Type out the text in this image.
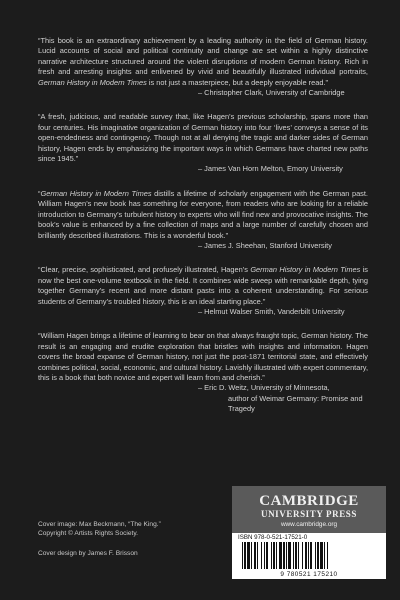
“This book is an extraordinary achievement by a leading authority in the field of German history. Lucid accounts of social and political continuity and change are set within a highly distinctive narrative architecture structured around the violent disruptions of modern German history. Rich in fresh and arresting insights and enlivened by vivid and beautifully illustrated individual portraits, German History in Modern Times is not just a masterpiece, but a deeply enjoyable read.”

– Christopher Clark, University of Cambridge

“A fresh, judicious, and readable survey that, like Hagen’s previous scholarship, spans more than four centuries. His imaginative organization of German history into four ‘lives’ conveys a sense of its open-endedness and contingency. Though not at all denying the tragic and darker sides of German history, Hagen ends by emphasizing the important ways in which Germans have charted new paths since 1945.”

– James Van Horn Melton, Emory University

“German History in Modern Times distills a lifetime of scholarly engagement with the German past. William Hagen’s new book has something for everyone, from readers who are looking for a reliable introduction to Germany’s turbulent history to experts who will find new and provocative insights. The book’s value is enhanced by a fine collection of maps and a large number of carefully chosen and brilliantly described illustrations. This is a wonderful book.”

– James J. Sheehan, Stanford University

“Clear, precise, sophisticated, and profusely illustrated, Hagen’s German History in Modern Times is now the best one-volume textbook in the field. It combines wide sweep with remarkable depth, tying together Germany’s recent and more distant pasts into a coherent understanding. For serious students of Germany’s troubled history, this is an ideal starting place.”

– Helmut Walser Smith, Vanderbilt University

“William Hagen brings a lifetime of learning to bear on that always fraught topic, German history. The result is an engaging and erudite exploration that bristles with insights and information. Hagen covers the broad expanse of German history, not just the post-1871 territorial state, and effectively combines political, social, economic, and cultural history. Lavishly illustrated with expert commentary, this is a book that both novice and expert will learn from and cherish.”

– Eric D. Weitz, University of Minnesota,
author of Weimar Germany: Promise and Tragedy
Cover image: Max Beckmann, “The King.”
Copyright © Artists Rights Society.
Cover design by James F. Brisson
CAMBRIDGE
UNIVERSITY PRESS
www.cambridge.org
ISBN 978-0-521-17521-0
9 780521 175210
